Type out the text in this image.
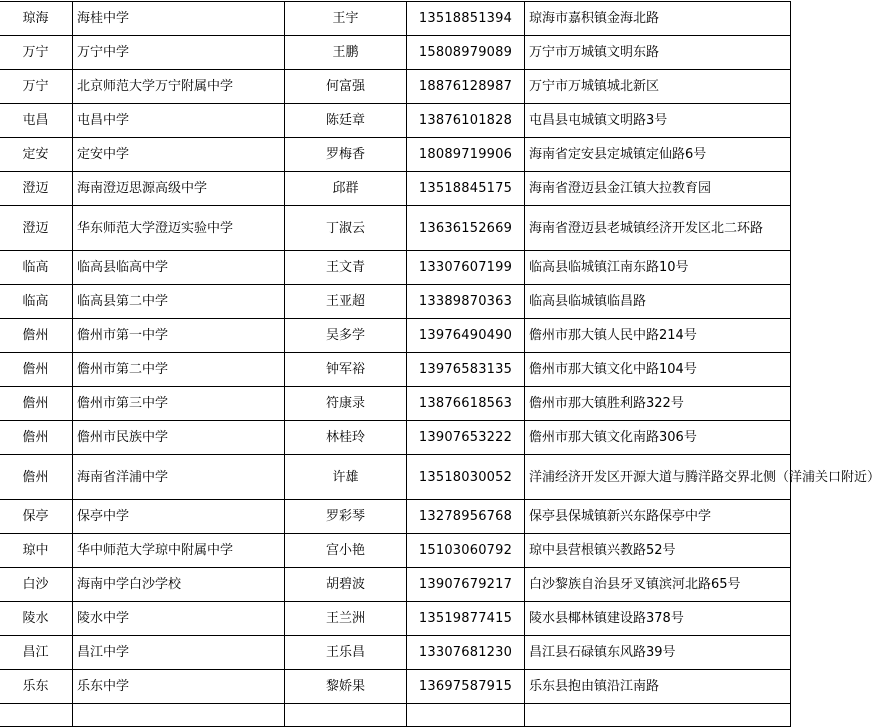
琼海	海桂中学	王宇	13518851394	琼海市嘉积镇金海北路
万宁	万宁中学	王鹏	15808979089	万宁市万城镇文明东路
万宁	北京师范大学万宁附属中学	何富强	18876128987	万宁市万城镇城北新区
屯昌	屯昌中学	陈廷章	13876101828	屯昌县屯城镇文明路3号
定安	定安中学	罗梅香	18089719906	海南省定安县定城镇定仙路6号
澄迈	海南澄迈思源高级中学	邱群	13518845175	海南省澄迈县金江镇大拉教育园
澄迈	华东师范大学澄迈实验中学	丁淑云	13636152669	海南省澄迈县老城镇经济开发区北二环路
临高	临高县临高中学	王文青	13307607199	临高县临城镇江南东路10号
临高	临高县第二中学	王亚超	13389870363	临高县临城镇临昌路
儋州	儋州市第一中学	吴多学	13976490490	儋州市那大镇人民中路214号
儋州	儋州市第二中学	钟军裕	13976583135	儋州市那大镇文化中路104号
儋州	儋州市第三中学	符康录	13876618563	儋州市那大镇胜利路322号
儋州	儋州市民族中学	林桂玲	13907653222	儋州市那大镇文化南路306号
儋州	海南省洋浦中学	许雄	13518030052	洋浦经济开发区开源大道与腾洋路交界北侧（洋浦关口附近）
保亭	保亭中学	罗彩琴	13278956768	保亭县保城镇新兴东路保亭中学
琼中	华中师范大学琼中附属中学	宫小艳	15103060792	琼中县营根镇兴教路52号
白沙	海南中学白沙学校	胡碧波	13907679217	白沙黎族自治县牙叉镇滨河北路65号
陵水	陵水中学	王兰洲	13519877415	陵水县椰林镇建设路378号
昌江	昌江中学	王乐昌	13307681230	昌江县石碌镇东风路39号
乐东	乐东中学	黎娇果	13697587915	乐东县抱由镇沿江南路
